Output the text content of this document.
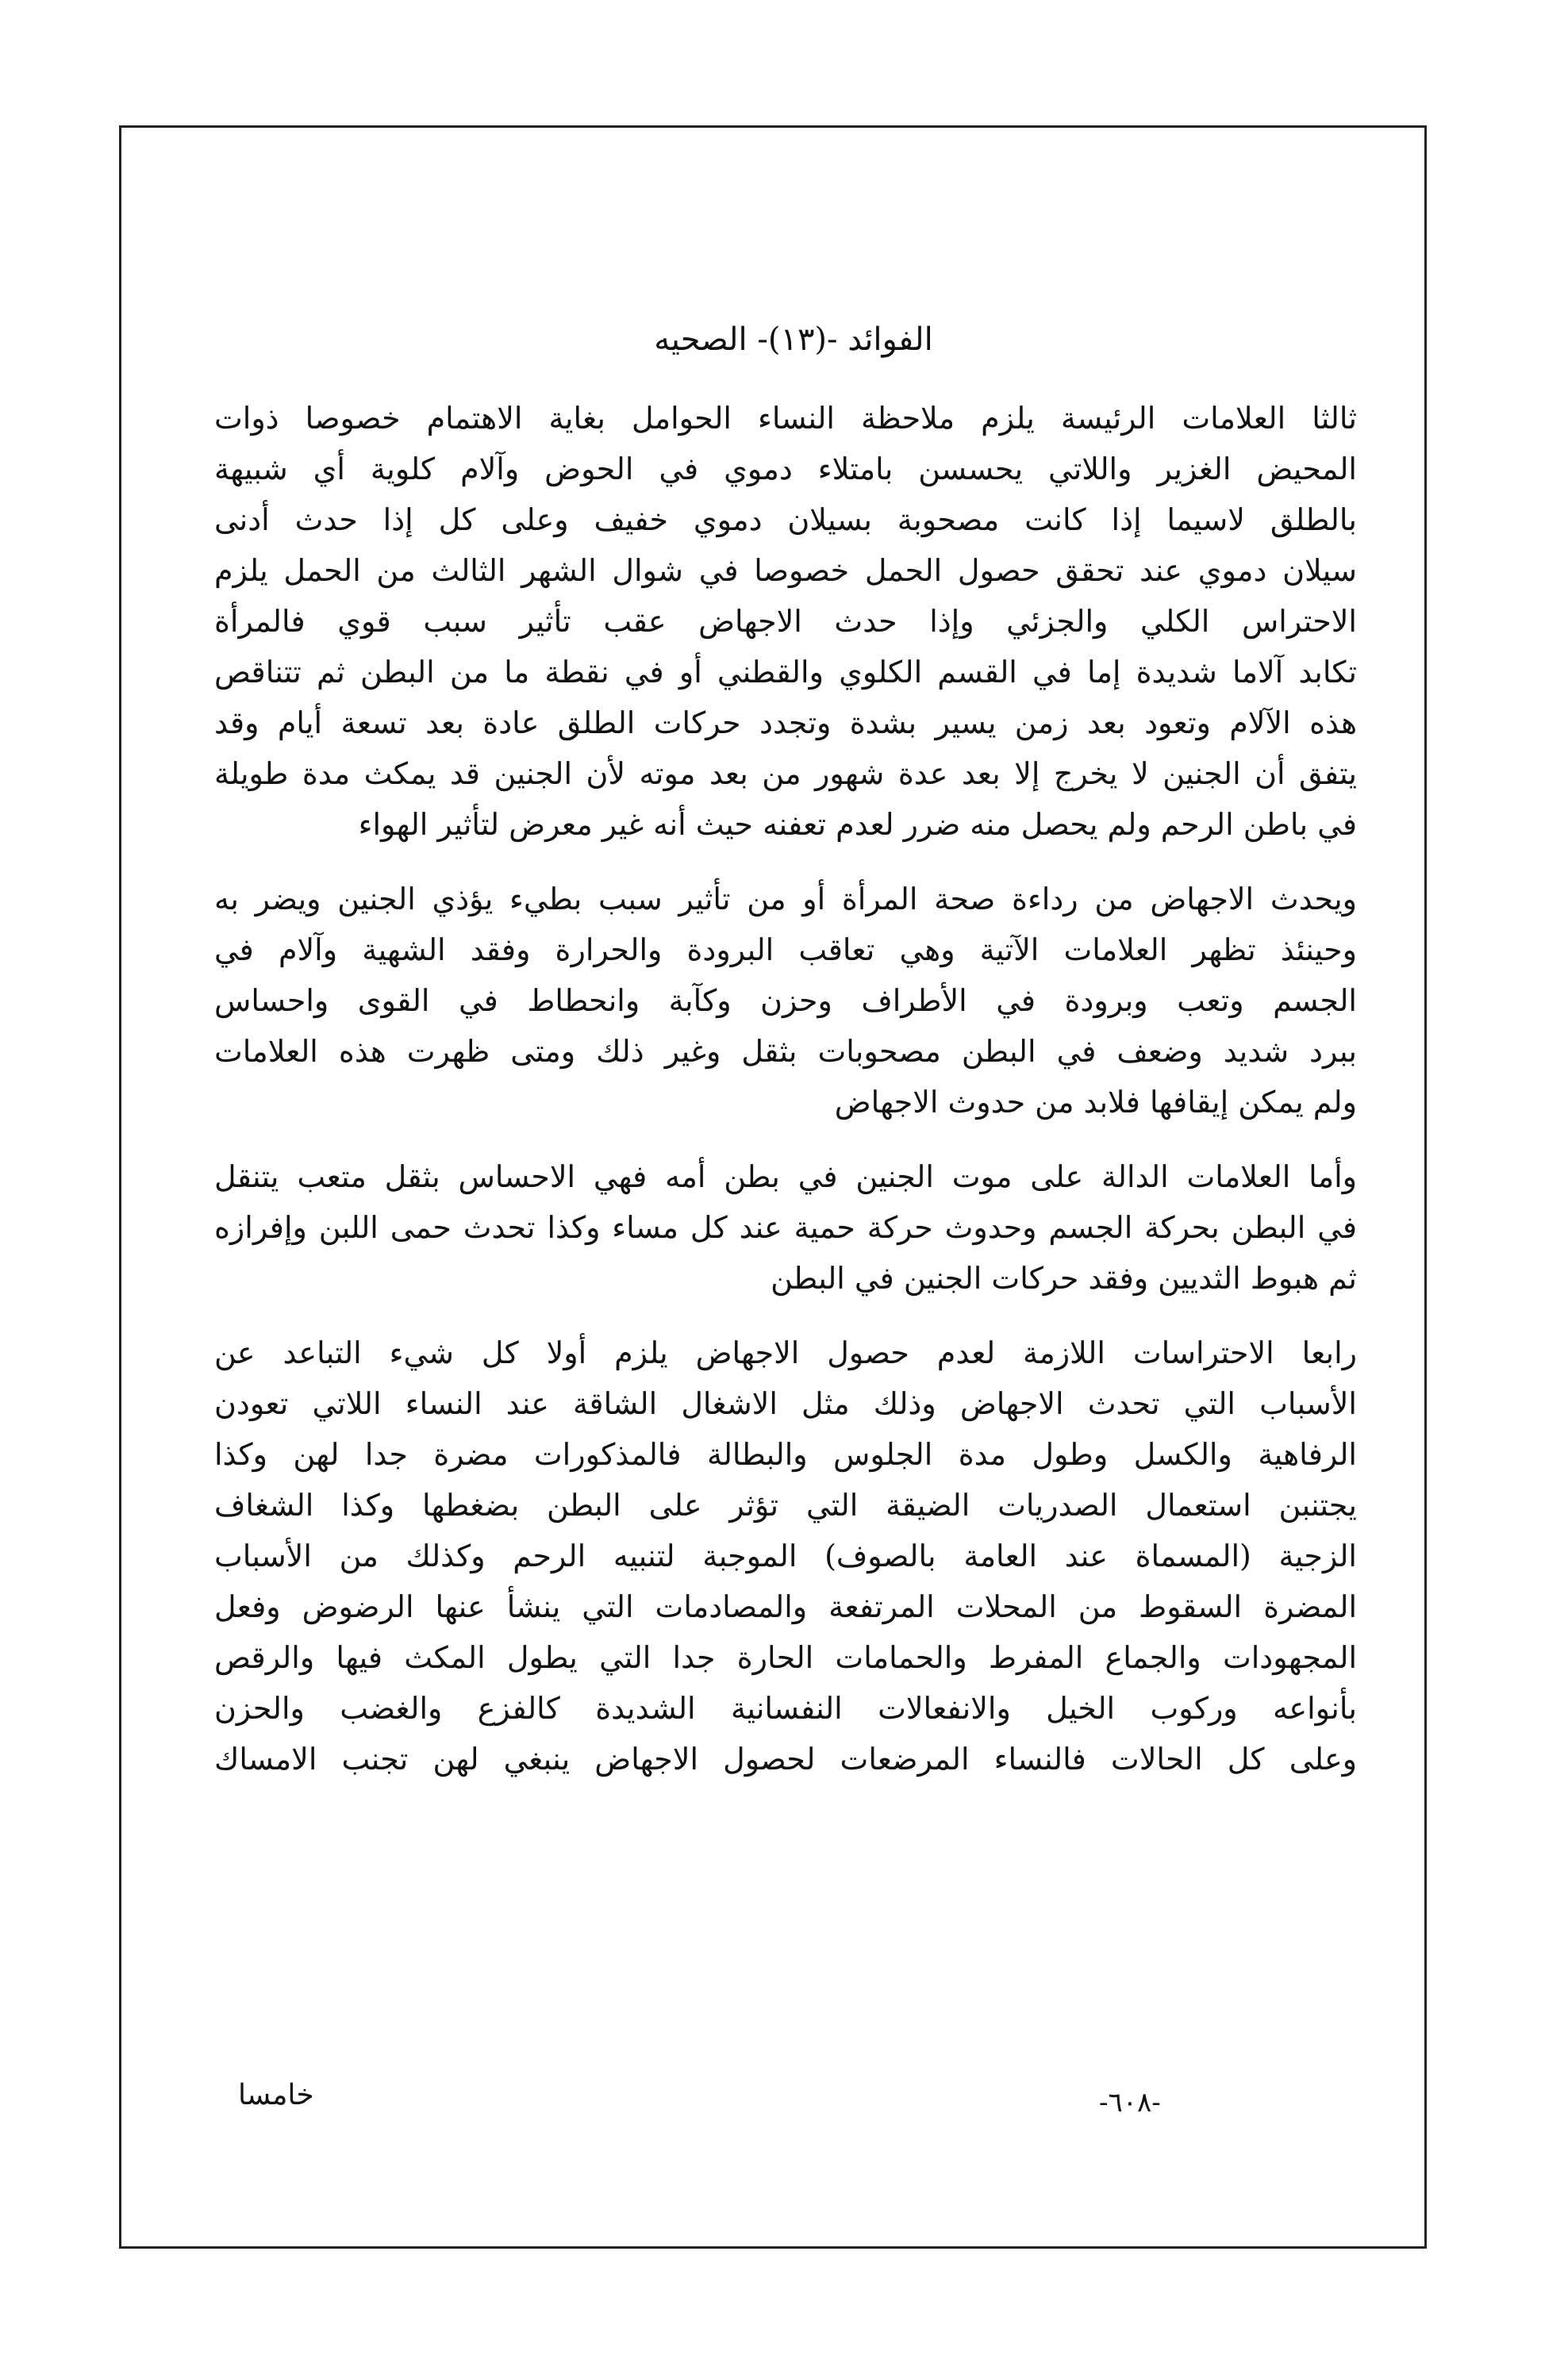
الفوائد -(١٣)- الصحيه
ثالثا العلامات الرئيسة يلزم ملاحظة النساء الحوامل بغاية الاهتمام خصوصا ذوات
المحيض الغزير واللاتي يحسسن بامتلاء دموي في الحوض وآلام كلوية أي شبيهة
بالطلق لاسيما إذا كانت مصحوبة بسيلان دموي خفيف وعلى كل إذا حدث أدنى
سيلان دموي عند تحقق حصول الحمل خصوصا في شوال الشهر الثالث من الحمل يلزم
الاحتراس الكلي والجزئي وإذا حدث الاجهاض عقب تأثير سبب قوي فالمرأة
تكابد آلاما شديدة إما في القسم الكلوي والقطني أو في نقطة ما من البطن ثم تتناقص
هذه الآلام وتعود بعد زمن يسير بشدة وتجدد حركات الطلق عادة بعد تسعة أيام وقد
يتفق أن الجنين لا يخرج إلا بعد عدة شهور من بعد موته لأن الجنين قد يمكث مدة طويلة
في باطن الرحم ولم يحصل منه ضرر لعدم تعفنه حيث أنه غير معرض لتأثير الهواء
ويحدث الاجهاض من رداءة صحة المرأة أو من تأثير سبب بطيء يؤذي الجنين ويضر به
وحينئذ تظهر العلامات الآتية وهي تعاقب البرودة والحرارة وفقد الشهية وآلام في
الجسم وتعب وبرودة في الأطراف وحزن وكآبة وانحطاط في القوى واحساس
ببرد شديد وضعف في البطن مصحوبات بثقل وغير ذلك ومتى ظهرت هذه العلامات
ولم يمكن إيقافها فلابد من حدوث الاجهاض
وأما العلامات الدالة على موت الجنين في بطن أمه فهي الاحساس بثقل متعب يتنقل
في البطن بحركة الجسم وحدوث حركة حمية عند كل مساء وكذا تحدث حمى اللبن وإفرازه
ثم هبوط الثديين وفقد حركات الجنين في البطن
رابعا الاحتراسات اللازمة لعدم حصول الاجهاض يلزم أولا كل شيء التباعد عن
الأسباب التي تحدث الاجهاض وذلك مثل الاشغال الشاقة عند النساء اللاتي تعودن
الرفاهية والكسل وطول مدة الجلوس والبطالة فالمذكورات مضرة جدا لهن وكذا
يجتنبن استعمال الصدريات الضيقة التي تؤثر على البطن بضغطها وكذا الشغاف
الزجية (المسماة عند العامة بالصوف) الموجبة لتنبيه الرحم وكذلك من الأسباب
المضرة السقوط من المحلات المرتفعة والمصادمات التي ينشأ عنها الرضوض وفعل
المجهودات والجماع المفرط والحمامات الحارة جدا التي يطول المكث فيها والرقص
بأنواعه وركوب الخيل والانفعالات النفسانية الشديدة كالفزع والغضب والحزن
وعلى كل الحالات فالنساء المرضعات لحصول الاجهاض ينبغي لهن تجنب الامساك
خامسا	-٦٠٨-
